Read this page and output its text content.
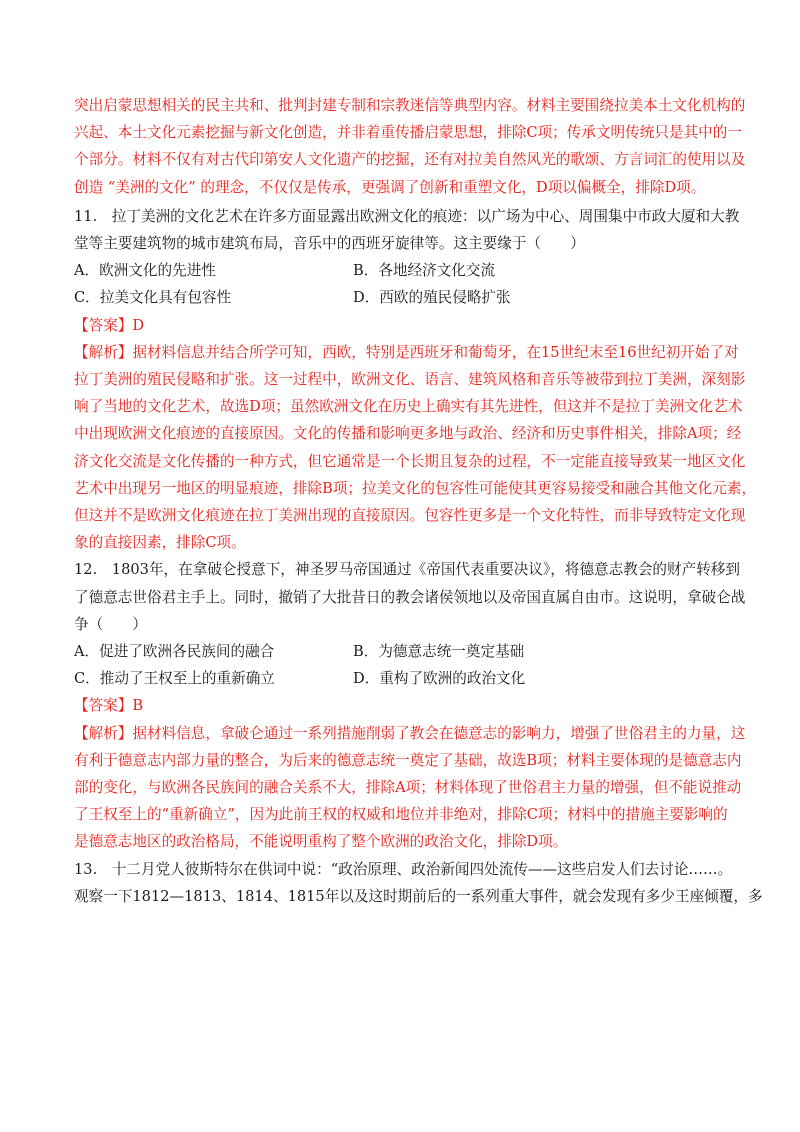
突出启蒙思想相关的民主共和、批判封建专制和宗教迷信等典型内容。材料主要围绕拉美本土文化机构的

兴起、本土文化元素挖掘与新文化创造，并非着重传播启蒙思想，排除C项；传承文明传统只是其中的一

个部分。材料不仅有对古代印第安人文化遗产的挖掘，还有对拉美自然风光的歌颂、方言词汇的使用以及

创造 “美洲的文化” 的理念，不仅仅是传承，更强调了创新和重塑文化，D项以偏概全，排除D项。

11.　拉丁美洲的文化艺术在许多方面显露出欧洲文化的痕迹：以广场为中心、周围集中市政大厦和大教

堂等主要建筑物的城市建筑布局，音乐中的西班牙旋律等。这主要缘于（　　）

A．欧洲文化的先进性	B．各地经济文化交流
C．拉美文化具有包容性	D．西欧的殖民侵略扩张

【答案】D

【解析】据材料信息并结合所学可知，西欧，特别是西班牙和葡萄牙，在15世纪末至16世纪初开始了对

拉丁美洲的殖民侵略和扩张。这一过程中，欧洲文化、语言、建筑风格和音乐等被带到拉丁美洲，深刻影

响了当地的文化艺术，故选D项；虽然欧洲文化在历史上确实有其先进性，但这并不是拉丁美洲文化艺术

中出现欧洲文化痕迹的直接原因。文化的传播和影响更多地与政治、经济和历史事件相关，排除A项；经

济文化交流是文化传播的一种方式，但它通常是一个长期且复杂的过程，不一定能直接导致某一地区文化

艺术中出现另一地区的明显痕迹，排除B项；拉美文化的包容性可能使其更容易接受和融合其他文化元素，

但这并不是欧洲文化痕迹在拉丁美洲出现的直接原因。包容性更多是一个文化特性，而非导致特定文化现

象的直接因素，排除C项。

12.　1803年，在拿破仑授意下，神圣罗马帝国通过《帝国代表重要决议》，将德意志教会的财产转移到

了德意志世俗君主手上。同时，撤销了大批昔日的教会诸侯领地以及帝国直属自由市。这说明，拿破仑战

争（　　）

A．促进了欧洲各民族间的融合	B．为德意志统一奠定基础
C．推动了王权至上的重新确立	D．重构了欧洲的政治文化

【答案】B

【解析】据材料信息，拿破仑通过一系列措施削弱了教会在德意志的影响力，增强了世俗君主的力量，这

有利于德意志内部力量的整合，为后来的德意志统一奠定了基础，故选B项；材料主要体现的是德意志内

部的变化，与欧洲各民族间的融合关系不大，排除A项；材料体现了世俗君主力量的增强，但不能说推动

了王权至上的“重新确立”，因为此前王权的权威和地位并非绝对，排除C项；材料中的措施主要影响的

是德意志地区的政治格局，不能说明重构了整个欧洲的政治文化，排除D项。

13.　十二月党人彼斯特尔在供词中说：“政治原理、政治新闻四处流传——这些启发人们去讨论……。

观察一下1812—1813、1814、1815年以及这时期前后的一系列重大事件，就会发现有多少王座倾覆，多
